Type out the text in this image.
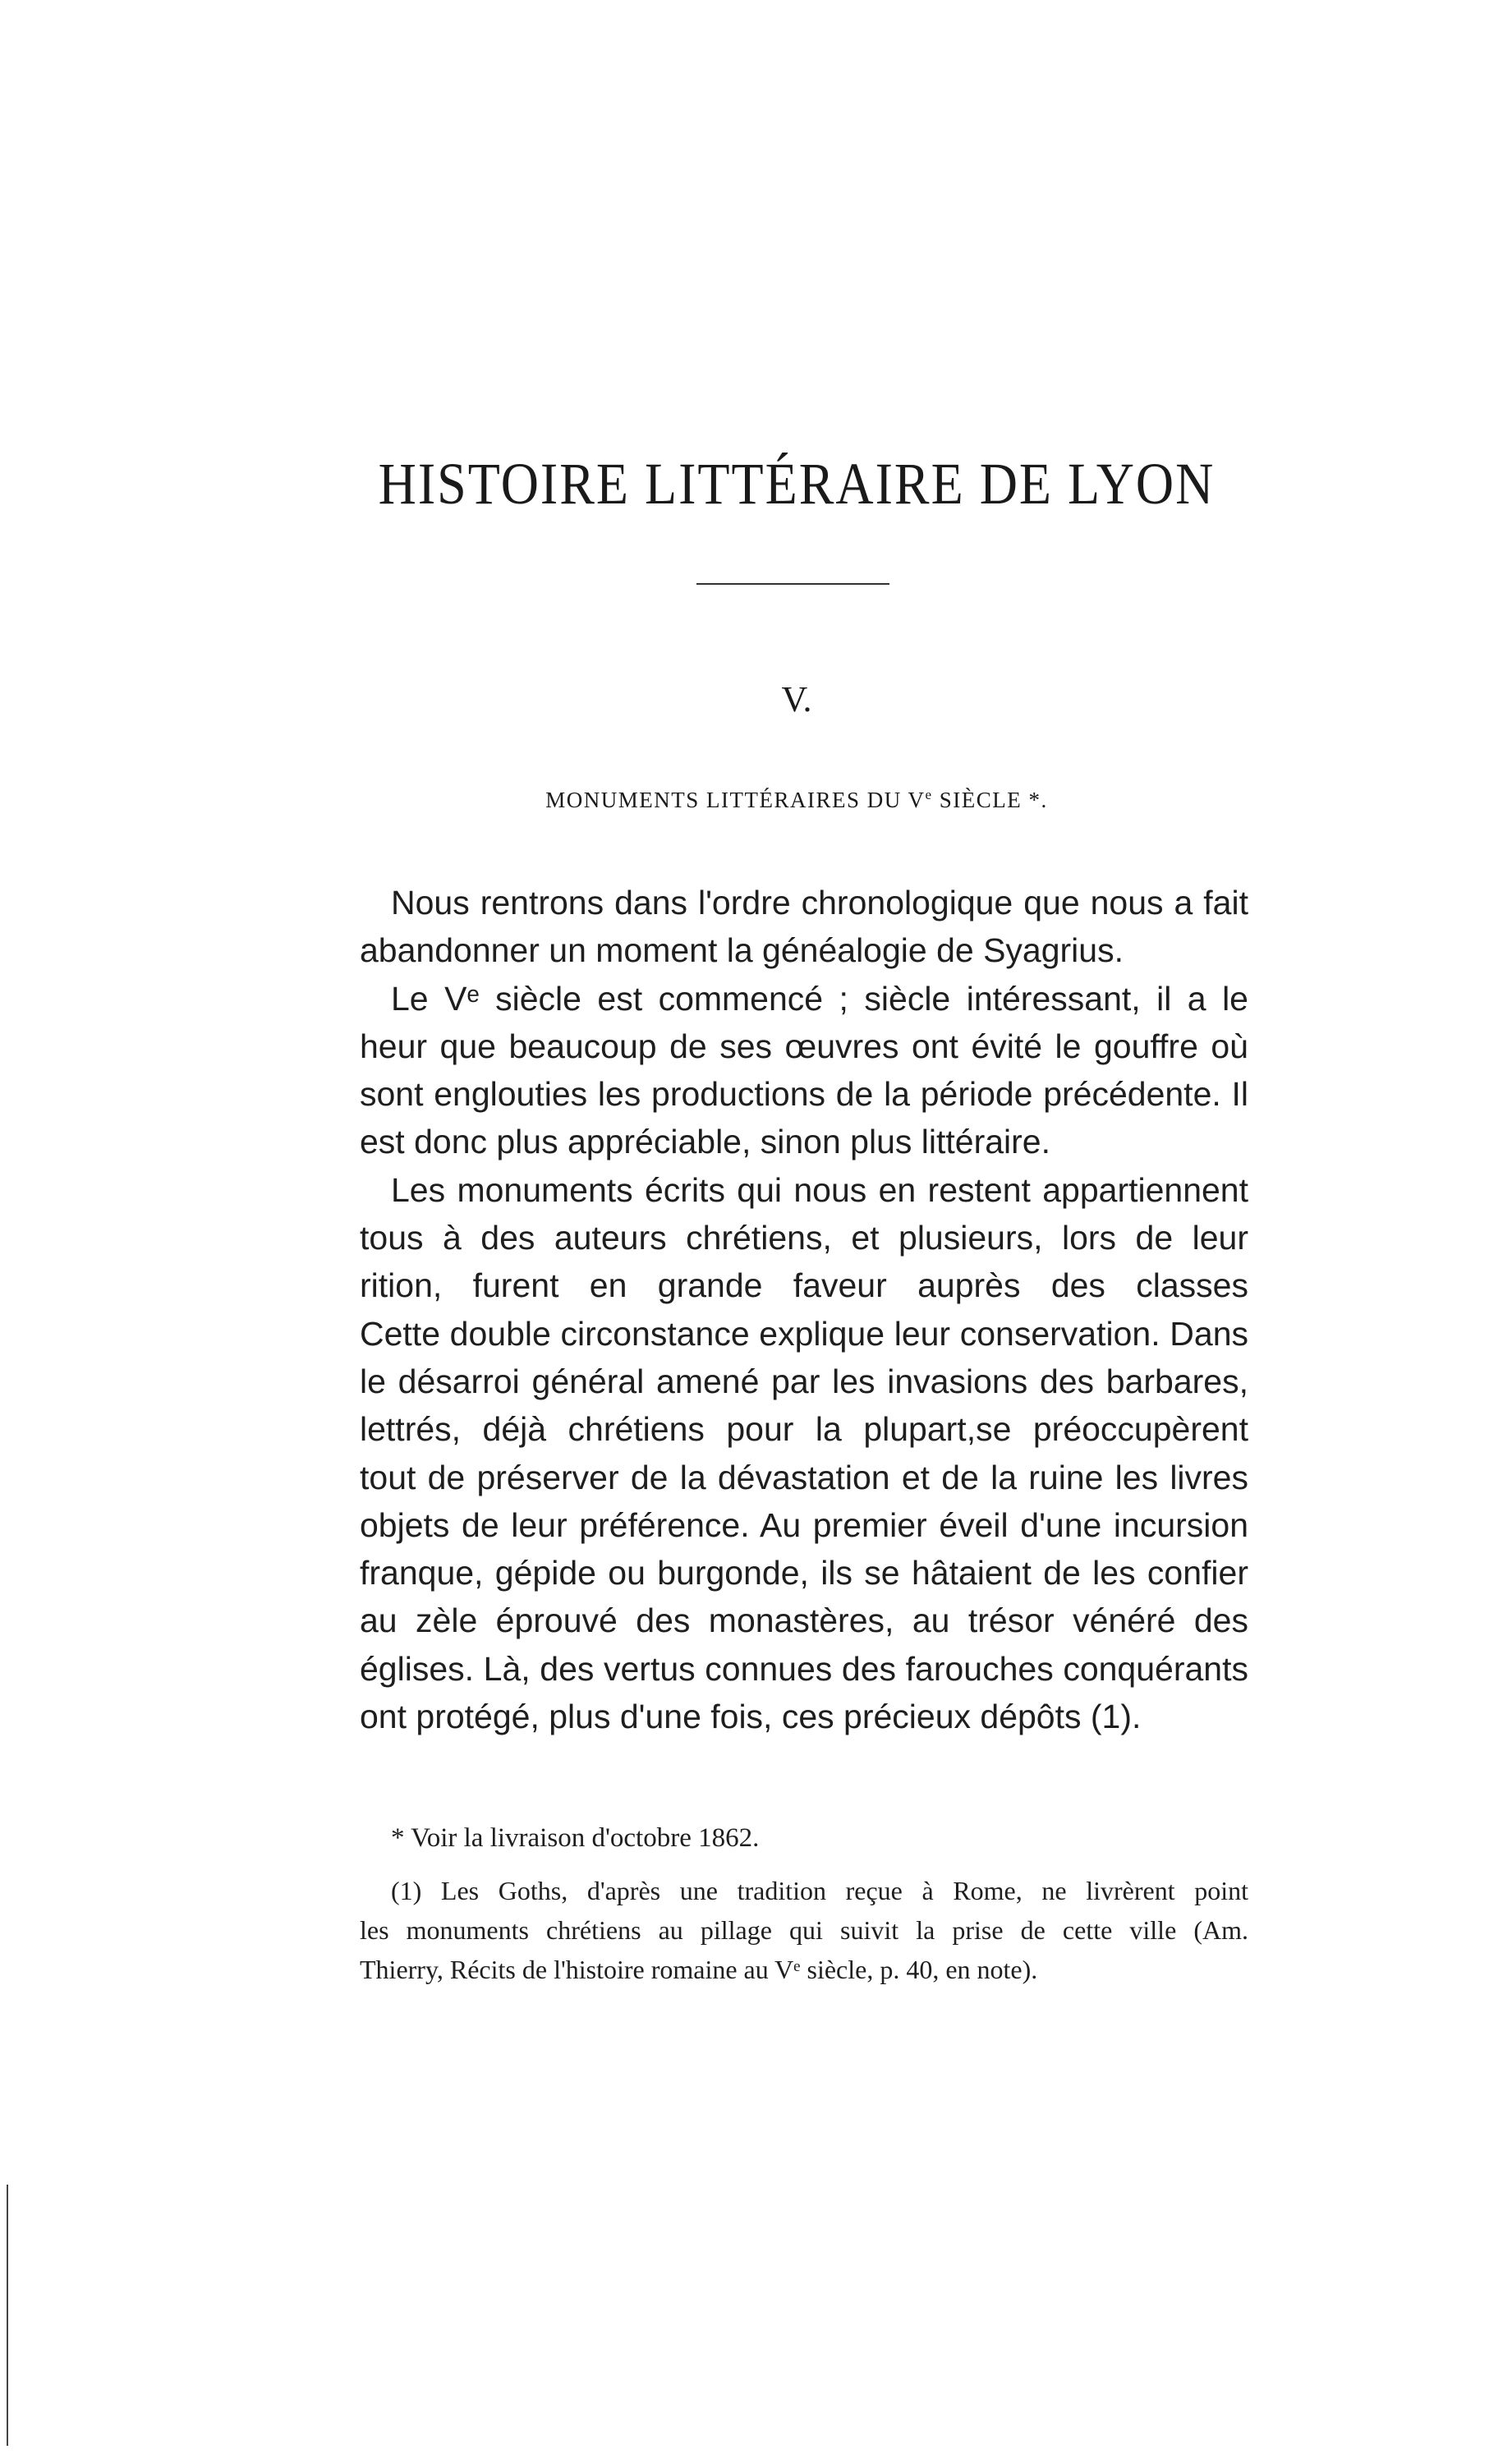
HISTOIRE LITTÉRAIRE DE LYON
V.
MONUMENTS LITTÉRAIRES DU Ve SIÈCLE *.
Nous rentrons dans l'ordre chronologique que nous a fait
abandonner un moment la généalogie de Syagrius.
Le Vᵉ siècle est commencé ; siècle intéressant, il a le
heur que beaucoup de ses œuvres ont évité le gouffre où
sont englouties les productions de la période précédente. Il
est donc plus appréciable, sinon plus littéraire.
Les monuments écrits qui nous en restent appartiennent
tous à des auteurs chrétiens, et plusieurs, lors de leur
rition, furent en grande faveur auprès des classes
Cette double circonstance explique leur conservation. Dans
le désarroi général amené par les invasions des barbares,
lettrés, déjà chrétiens pour la plupart,se préoccupèrent
tout de préserver de la dévastation et de la ruine les livres
objets de leur préférence. Au premier éveil d'une incursion
franque, gépide ou burgonde, ils se hâtaient de les confier
au zèle éprouvé des monastères, au trésor vénéré des
églises. Là, des vertus connues des farouches conquérants
ont protégé, plus d'une fois, ces précieux dépôts (1).
* Voir la livraison d'octobre 1862.
(1) Les Goths, d'après une tradition reçue à Rome, ne livrèrent point
les monuments chrétiens au pillage qui suivit la prise de cette ville (Am.
Thierry, Récits de l'histoire romaine au Vᵉ siècle, p. 40, en note).
